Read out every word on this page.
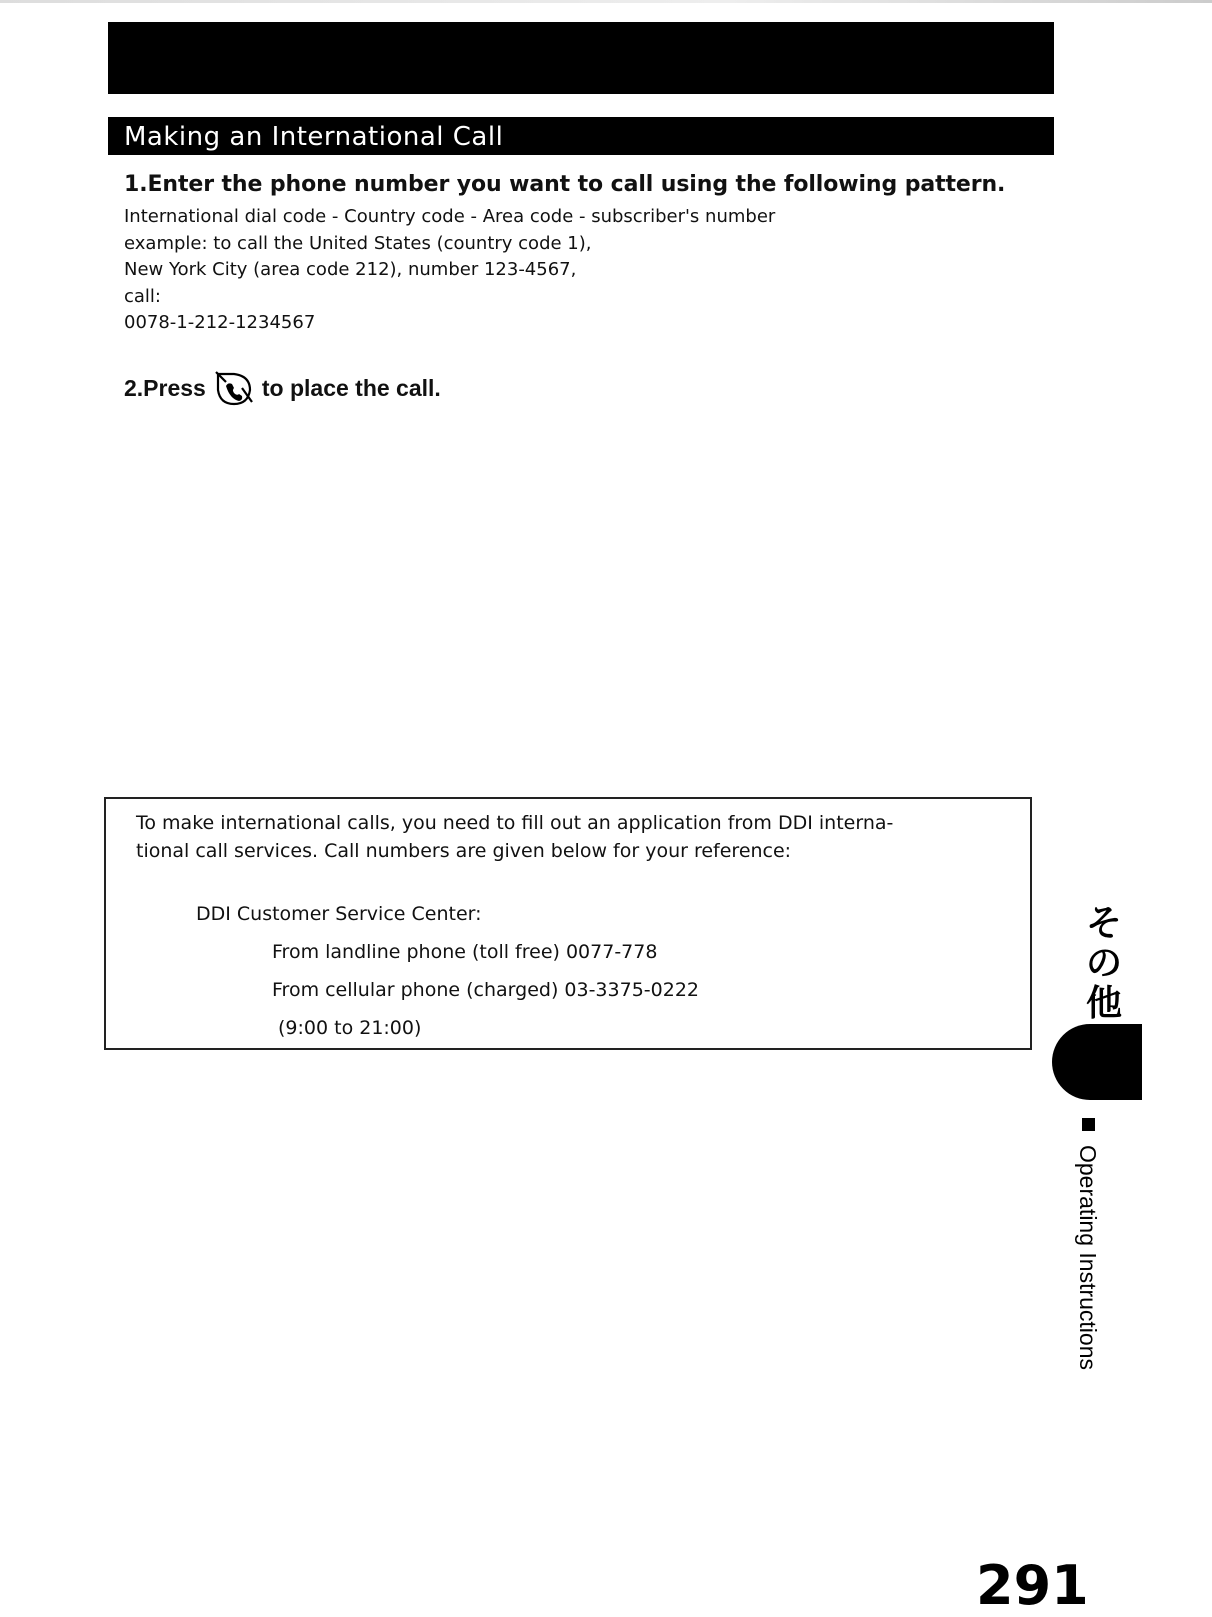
Making an International Call
1.Enter the phone number you want to call using the following pattern.
International dial code - Country code - Area code - subscriber's number
example: to call the United States (country code 1),
New York City (area code 212), number 123-4567,
call:
0078-1-212-1234567
2.Press to place the call.
To make international calls, you need to fill out an application from DDI interna-
tional call services. Call numbers are given below for your reference:
DDI Customer Service Center:
From landline phone (toll free) 0077-778
From cellular phone (charged) 03-3375-0222
(9:00 to 21:00)
そ
の
他
Operating Instructions
291
